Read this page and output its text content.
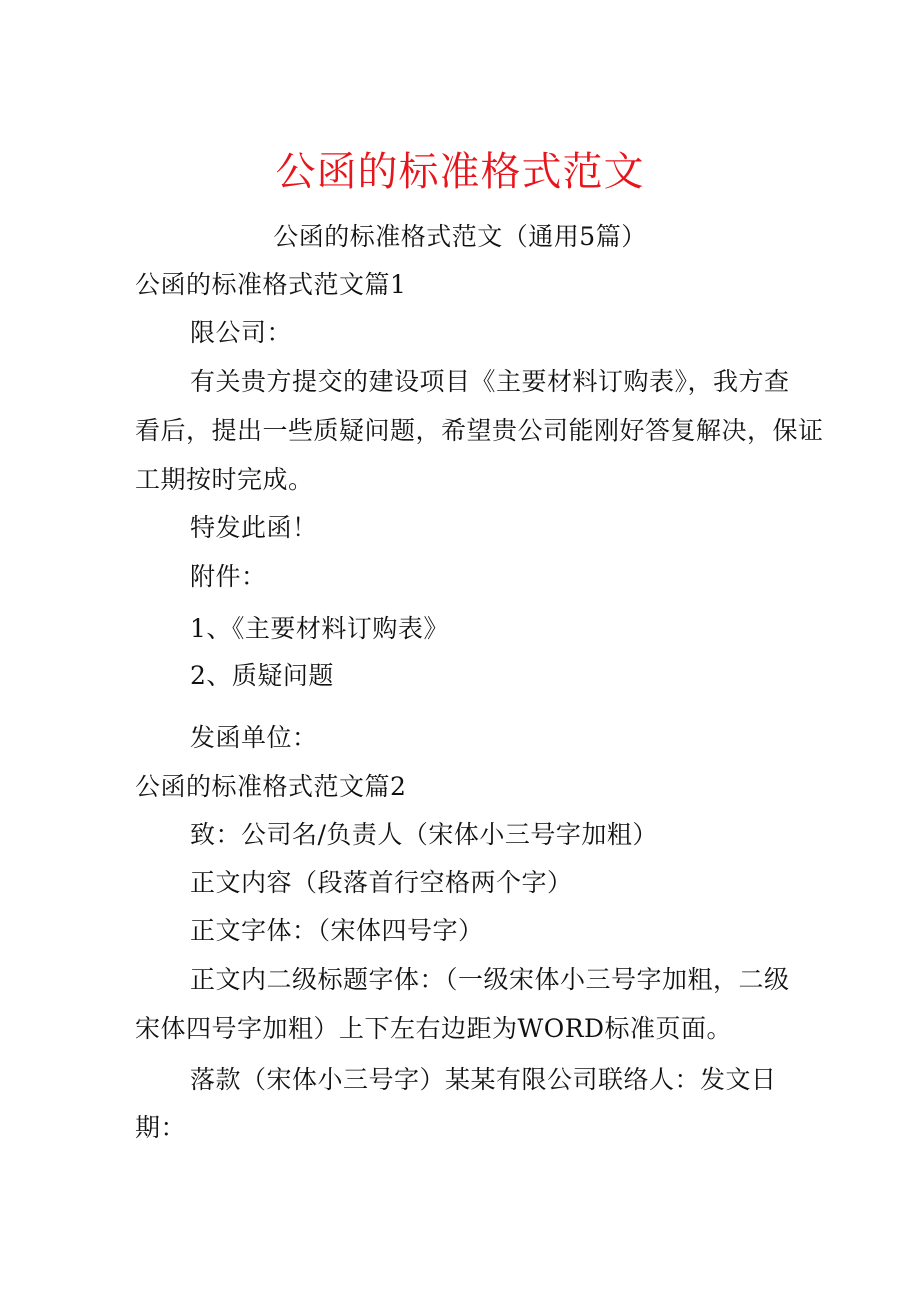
公函的标准格式范文
公函的标准格式范文（通用5篇）
公函的标准格式范文篇1
限公司：
有关贵方提交的建设项目《主要材料订购表》，我方查
看后，提出一些质疑问题，希望贵公司能刚好答复解决，保证
工期按时完成。
特发此函！
附件：
1、《主要材料订购表》
2、质疑问题
发函单位：
公函的标准格式范文篇2
致：公司名/负责人（宋体小三号字加粗）
正文内容（段落首行空格两个字）
正文字体：（宋体四号字）
正文内二级标题字体：（一级宋体小三号字加粗，二级
宋体四号字加粗）上下左右边距为WORD标准页面。
落款（宋体小三号字）某某有限公司联络人：发文日
期：
